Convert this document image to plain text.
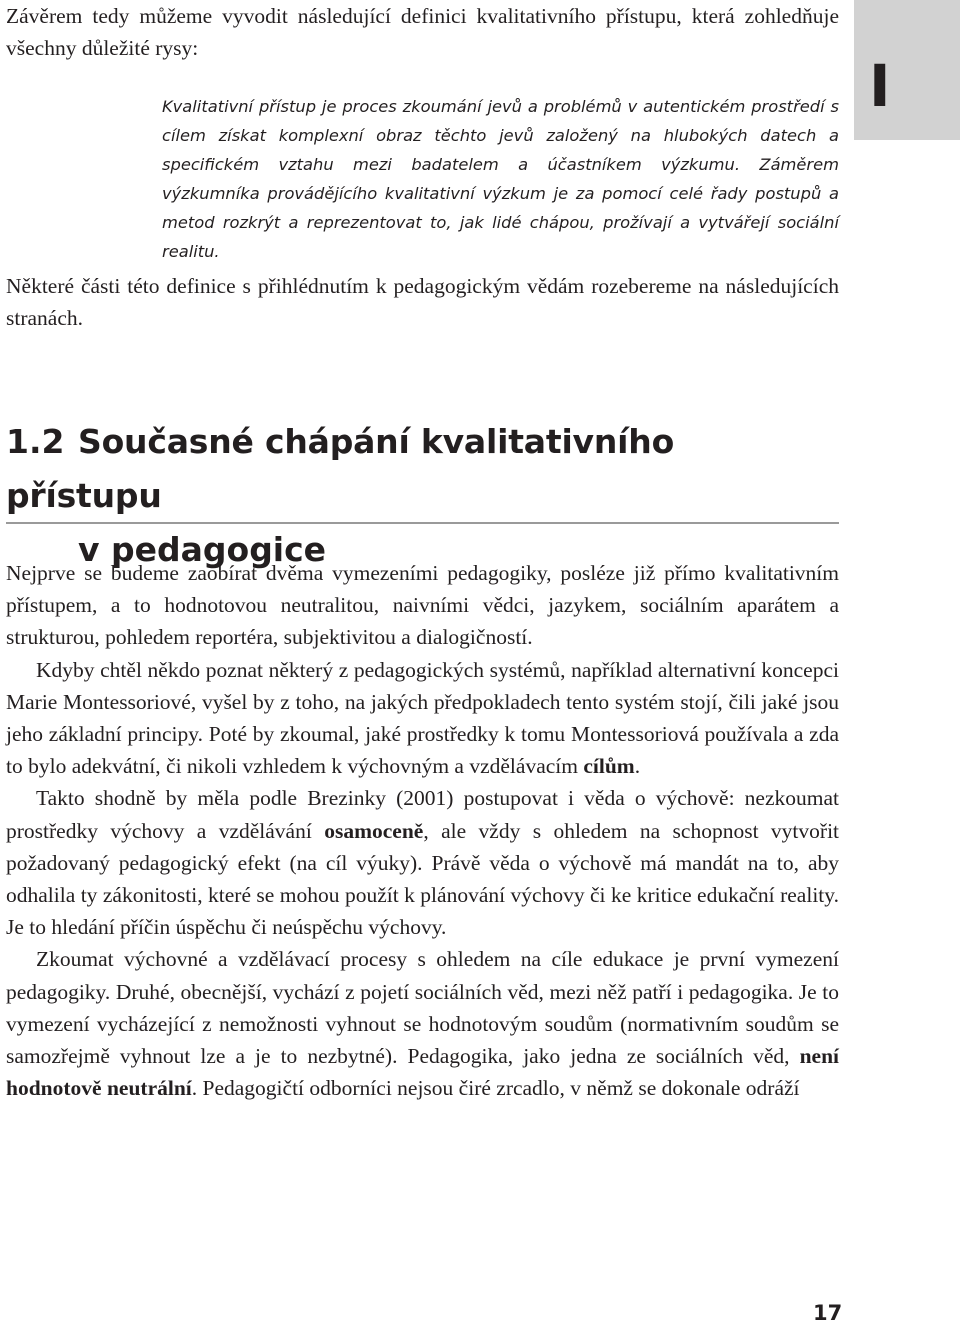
I

Závěrem tedy můžeme vyvodit následující definici kvalitativního přístupu, která zohledňuje všechny důležité rysy:

Kvalitativní přístup je proces zkoumání jevů a problémů v autentickém prostředí s cílem získat komplexní obraz těchto jevů založený na hlubokých datech a specifickém vztahu mezi badatelem a účastníkem výzkumu. Záměrem výzkumníka provádějícího kvalitativní výzkum je za pomocí celé řady postupů a metod rozkrýt a reprezentovat to, jak lidé chápou, prožívají a vytvářejí sociální realitu.

Některé části této definice s přihlédnutím k pedagogickým vědám rozebereme na následujících stranách.

1.2 Současné chápání kvalitativního přístupu
v pedagogice

Nejprve se budeme zaobírat dvěma vymezeními pedagogiky, posléze již přímo kvalitativním přístupem, a to hodnotovou neutralitou, naivními vědci, jazykem, sociálním aparátem a strukturou, pohledem reportéra, subjektivitou a dialogičností.

Kdyby chtěl někdo poznat některý z pedagogických systémů, například alternativní koncepci Marie Montessoriové, vyšel by z toho, na jakých předpokladech tento systém stojí, čili jaké jsou jeho základní principy. Poté by zkoumal, jaké prostředky k tomu Montessoriová používala a zda to bylo adekvátní, či nikoli vzhledem k výchovným a vzdělávacím cílům.

Takto shodně by měla podle Brezinky (2001) postupovat i věda o výchově: nezkoumat prostředky výchovy a vzdělávání osamoceně, ale vždy s ohledem na schopnost vytvořit požadovaný pedagogický efekt (na cíl výuky). Právě věda o výchově má mandát na to, aby odhalila ty zákonitosti, které se mohou použít k plánování výchovy či ke kritice edukační reality. Je to hledání příčin úspěchu či neúspěchu výchovy.

Zkoumat výchovné a vzdělávací procesy s ohledem na cíle edukace je první vymezení pedagogiky. Druhé, obecnější, vychází z pojetí sociálních věd, mezi něž patří i pedagogika. Je to vymezení vycházející z nemožnosti vyhnout se hodnotovým soudům (normativním soudům se samozřejmě vyhnout lze a je to nezbytné). Pedagogika, jako jedna ze sociálních věd, není hodnotově neutrální. Pedagogičtí odborníci nejsou čiré zrcadlo, v němž se dokonale odráží

17
